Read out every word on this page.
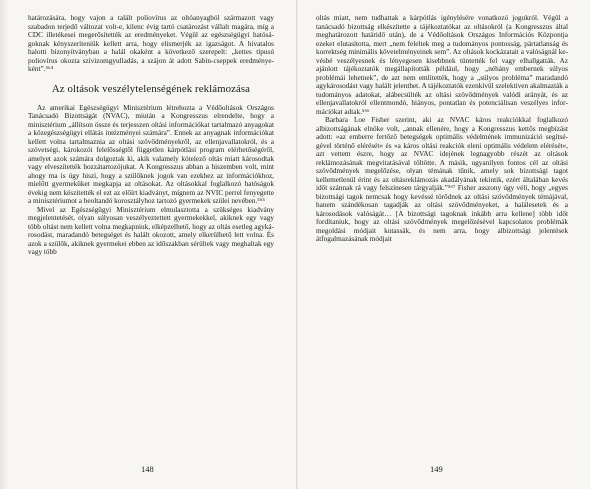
határozására, hogy vajon a talált poliovírus az oltóanyagból származott vagy szabadon terjedő változat volt-e, kilenc évig tartó csatározást vállalt magára, míg a CDC illetékesei megerősítették az eredményeket. Végül az egészségügyi hatóságoknak kényszeríteniük kellett arra, hogy elismerjék az igazságot. A hivatalos halotti bizonyítványban a halál okaként a következő szerepelt: „kettes típusú poliovírus okozta szívizomgyulladás, a szájon át adott Sabin-cseppek eredményeként”.⁵⁶⁴

Az oltások veszélytelenségének reklámozása

Az amerikai Egészségügyi Minisztérium létrehozta a Védőoltások Országos Tanácsadó Bizottságát (NVAC), miután a Kongresszus elrendelte, hogy a minisztérium „állítson össze és terjesszen oltási információkat tartalmazó anyagokat a közegészségügyi ellátás intézményei számára”. Ennek az anyagnak információkat kellett volna tartalmaznia az oltási szövődményekről, az ellenjavallatokról, és a szövetségi, károkozói felelősségtől független kárpótlási program elérhetőségéről, amelyet azok számára dolgoztak ki, akik valamely kötelező oltás miatt károsodtak vagy elveszítették hozzátartozójukat. A Kongresszus abban a hiszemben volt, mint ahogy ma is úgy hiszi, hogy a szülőknek jogok van ezekhez az információkhoz, mielőtt gyermeküket megkapja az oltásokat. Az oltásokkal foglalkozó hatóságok évekig nem készítették el ezt az előírt kiadványt, mígnem az NVIC perrel fenyegette a minisztériumot a beoltandó korosztályhoz tartozó gyermekek szülei nevében.⁵⁶⁵

Mivel az Egészségügyi Minisztérium elmulasztotta a szükséges kiadvány megjelentetését, olyan súlyosan veszélyeztettett gyermekekkel, akiknek egy vagy több oltást nem kellett volna megkapniuk, elképzelhető, hogy az oltás esetleg agykárosodást, maradandó betegséget és halált okozott, amely elkerülhető lett volna. És azok a szülők, akiknek gyermekei ebben az időszakban sérültek vagy meghaltak egy vagy több

oltás miatt, nem tudhattak a kárpótlás igénylésére vonatkozó jogukról. Végül a tanácsadó bizottság elkészítette a tájékoztatókat az oltásokról (a Kongresszus által meghatározott határidő után), de a Védőoltások Országos Információs Központja ezeket elutasította, mert „nem feleltek meg a tudományos pontosság, pártatlanság és korrektség minimális követelményeinek sem”. Az oltások kockázatait a valóságnál kevésbé veszélyesnek és lényegesen kisebbnek tüntették fel vagy elhallgatták. Az ajánlott tájékoztatók megállapították például, hogy „néhány embernek súlyos problémái lehetnek”, de azt nem említették, hogy a „súlyos probléma” maradandó agykárosodást vagy halált jelenthet. A tájékoztatók ezenkívül szelektíven akalmazták a tudományos adatokat, alábecsülték az oltási szövődmények valódi arányát, és az ellenjavallatokról ellentmondó, hiányos, pontatlan és potenciálisan veszélyes információkat adtak.⁵⁶⁶

Barbara Loe Fisher szerint, aki az NVAC káros reakciókkal foglalkozó albizottságának elnöke volt, „annak ellenére, hogy a Kongresszus kettős megbízást adott: »az emberre fertőző betegségek optimális védelmének immunizáció segítségével történő elérését« és »a káros oltási reakciók eleni optimális védelem elérését«, azt vettem észre, hogy az NVAC idejének legnagyobb részét az oltások reklámozásának megvitatásával töltötte. A másik, ugyanilyen fontos cél az oltási szövődmények megelőzése, olyan témának tűnik, amely sok bizottsági tagot kellemetlenül érint és az oltásreklámozás akadályának tekintik, ezért általában kevés időt szánnak rá vagy felszínesen tárgyalják.”⁵⁶⁷ Fisher asszony úgy véli, hogy „egyes bizottsági tagok nemcsak hogy kevéssé törődnek az oltási szövődmények témájával, hanem szándékosan tagadják az oltási szövődményeket, a halálesetek és a károsodások valóságát… [A bizottsági tagoknak inkább arra kellene] több időt fordítaniuk, hogy az oltási szövődmények megelőzésével kapcsolatos problémák megoldási módjait kutassák, és nem arra, hogy albizottsági jelentések átfogalmazásának módjait

148	149
